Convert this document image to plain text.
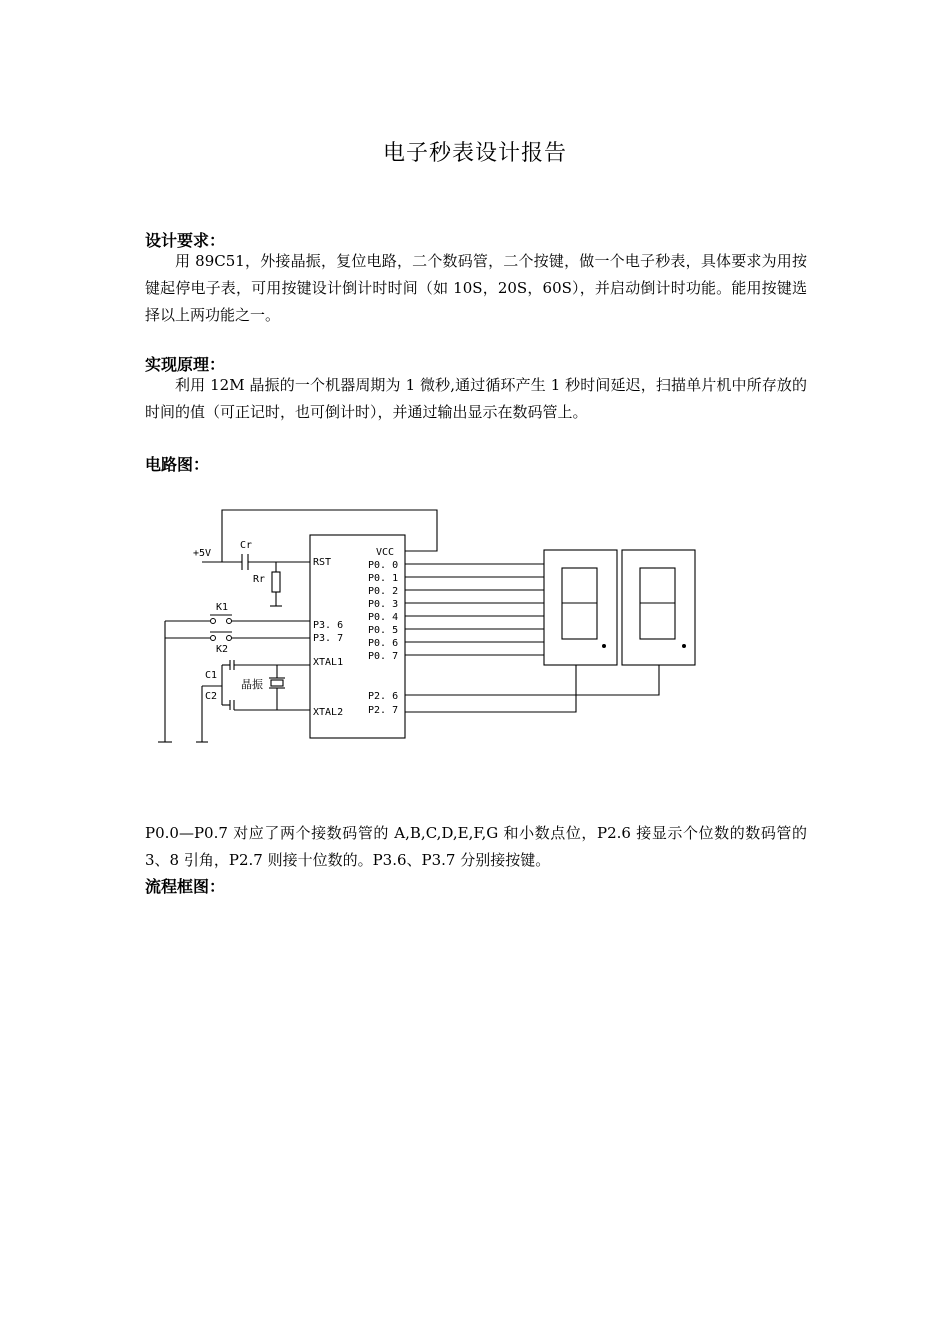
电子秒表设计报告
设计要求：
用 89C51，外接晶振，复位电路，二个数码管，二个按键，做一个电子秒表，具体要求为用按键起停电子表，可用按键设计倒计时时间（如 10S，20S，60S），并启动倒计时功能。能用按键选择以上两功能之一。
实现原理：
利用 12M 晶振的一个机器周期为 1 微秒,通过循环产生 1 秒时间延迟，扫描单片机中所存放的时间的值（可正记时，也可倒计时），并通过输出显示在数码管上。
电路图：
+5V
Cr
Rr
K1
K2
C1
C2
晶振
RST
VCC
P0. 0
P0. 1
P0. 2
P0. 3
P0. 4
P0. 5
P0. 6
P0. 7
P3. 6
P3. 7
XTAL1
XTAL2
P2. 6
P2. 7
P0.0—P0.7 对应了两个接数码管的 A,B,C,D,E,F,G 和小数点位，P2.6 接显示个位数的数码管的 3、8 引角，P2.7 则接十位数的。P3.6、P3.7 分别接按键。
流程框图：
